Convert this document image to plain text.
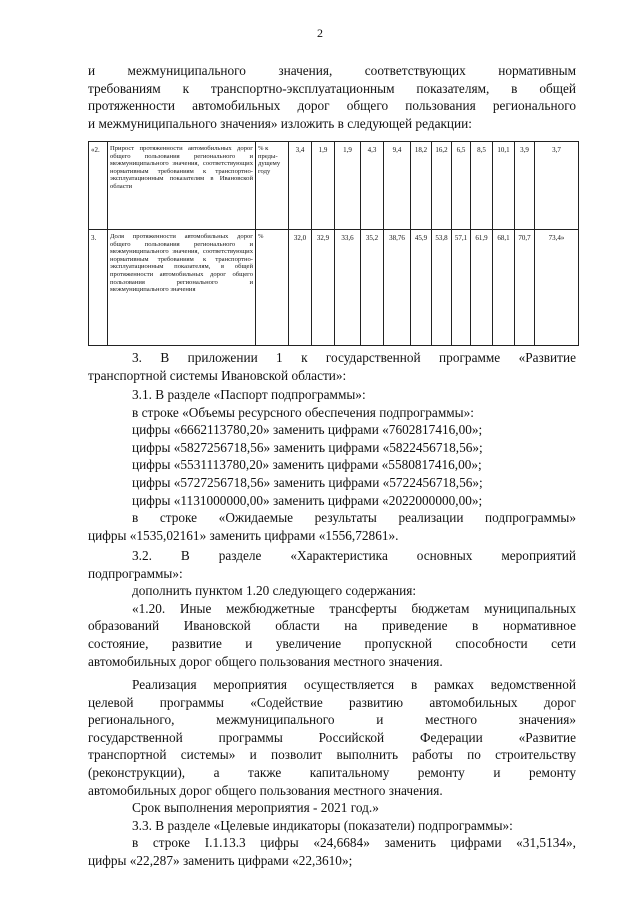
2
и межмуниципального значения, соответствующих нормативным
требованиям к транспортно-эксплуатационным показателям, в общей
протяженности автомобильных дорог общего пользования регионального
и межмуниципального значения» изложить в следующей редакции:
«2.	Прирост протяженности автомобильных дорог общего пользования регионального и межмуниципального значения, соответствующих нормативным требованиям к транспортно-эксплуатационным показателям в Ивановской области	% к преды-дущему году	3,4	1,9	1,9	4,3	9,4	18,2	16,2	6,5	8,5	10,1	3,9	3,7
3.	Доля протяженности автомобильных дорог общего пользования регионального и межмуниципального значения, соответствующих нормативным требованиям к транспортно-эксплуатационным показателям, в общей протяженности автомобильных дорог общего пользования регионального и межмуниципального значения	%	32,0	32,9	33,6	35,2	38,76	45,9	53,8	57,1	61,9	68,1	70,7	73,4»
3. В приложении 1 к государственной программе «Развитие
транспортной системы Ивановской области»:
3.1. В разделе «Паспорт подпрограммы»:
в строке «Объемы ресурсного обеспечения подпрограммы»:
цифры «6662113780,20» заменить цифрами «7602817416,00»;
цифры «5827256718,56» заменить цифрами «5822456718,56»;
цифры «5531113780,20» заменить цифрами «5580817416,00»;
цифры «5727256718,56» заменить цифрами «5722456718,56»;
цифры «1131000000,00» заменить цифрами «2022000000,00»;
в строке «Ожидаемые результаты реализации подпрограммы»
цифры «1535,02161» заменить цифрами «1556,72861».
3.2. В разделе «Характеристика основных мероприятий
подпрограммы»:
дополнить пунктом 1.20 следующего содержания:
«1.20. Иные межбюджетные трансферты бюджетам муниципальных
образований Ивановской области на приведение в нормативное
состояние, развитие и увеличение пропускной способности сети
автомобильных дорог общего пользования местного значения.
Реализация мероприятия осуществляется в рамках ведомственной
целевой программы «Содействие развитию автомобильных дорог
регионального, межмуниципального и местного значения»
государственной программы Российской Федерации «Развитие
транспортной системы» и позволит выполнить работы по строительству
(реконструкции), а также капитальному ремонту и ремонту
автомобильных дорог общего пользования местного значения.
Срок выполнения мероприятия - 2021 год.»
3.3. В разделе «Целевые индикаторы (показатели) подпрограммы»:
в строке I.1.13.3 цифры «24,6684» заменить цифрами «31,5134»,
цифры «22,287» заменить цифрами «22,3610»;
